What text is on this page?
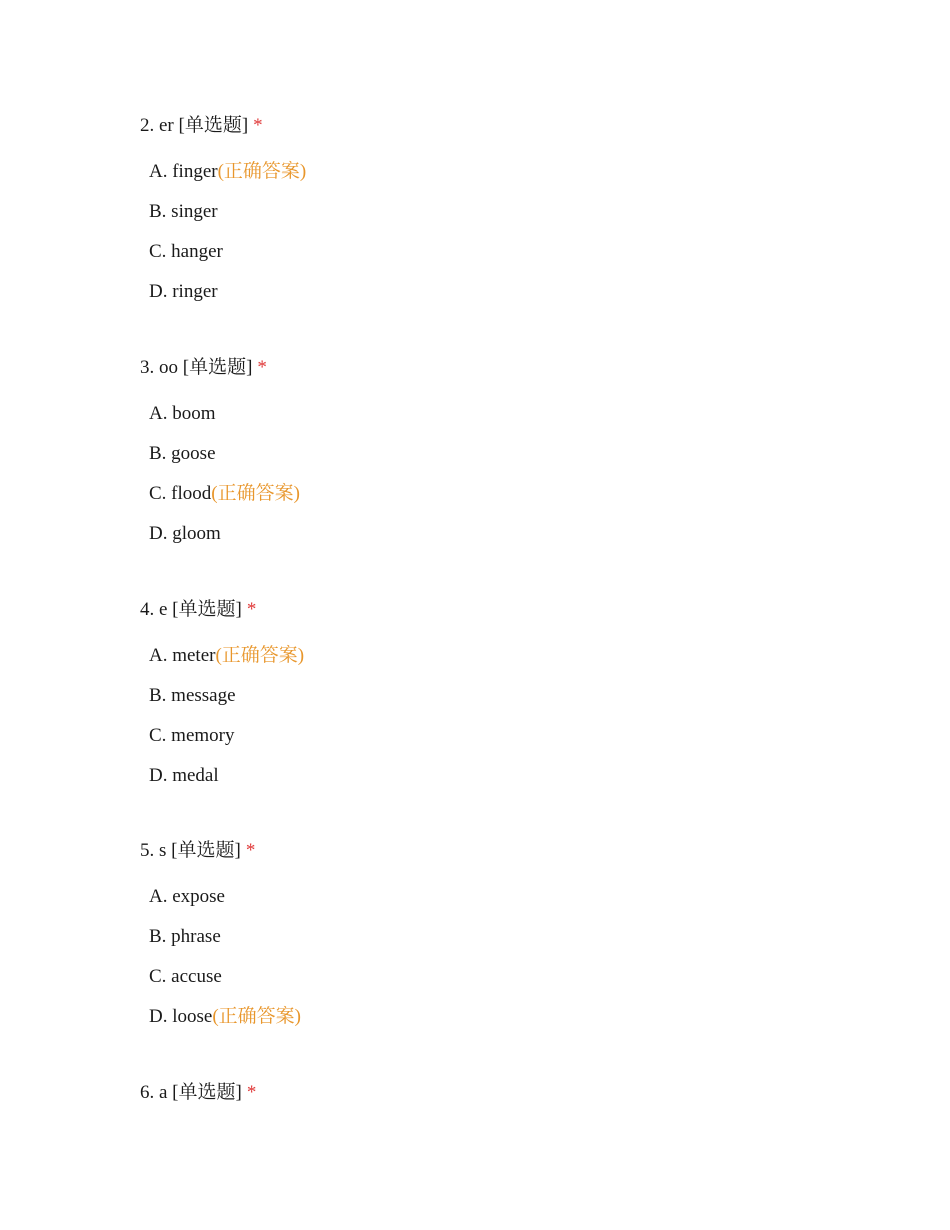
2. er [单选题] *
A. finger(正确答案)
B. singer
C. hanger
D. ringer
3. oo [单选题] *
A. boom
B. goose
C. flood(正确答案)
D. gloom
4. e [单选题] *
A. meter(正确答案)
B. message
C. memory
D. medal
5. s [单选题] *
A. expose
B. phrase
C. accuse
D. loose(正确答案)
6. a [单选题] *
